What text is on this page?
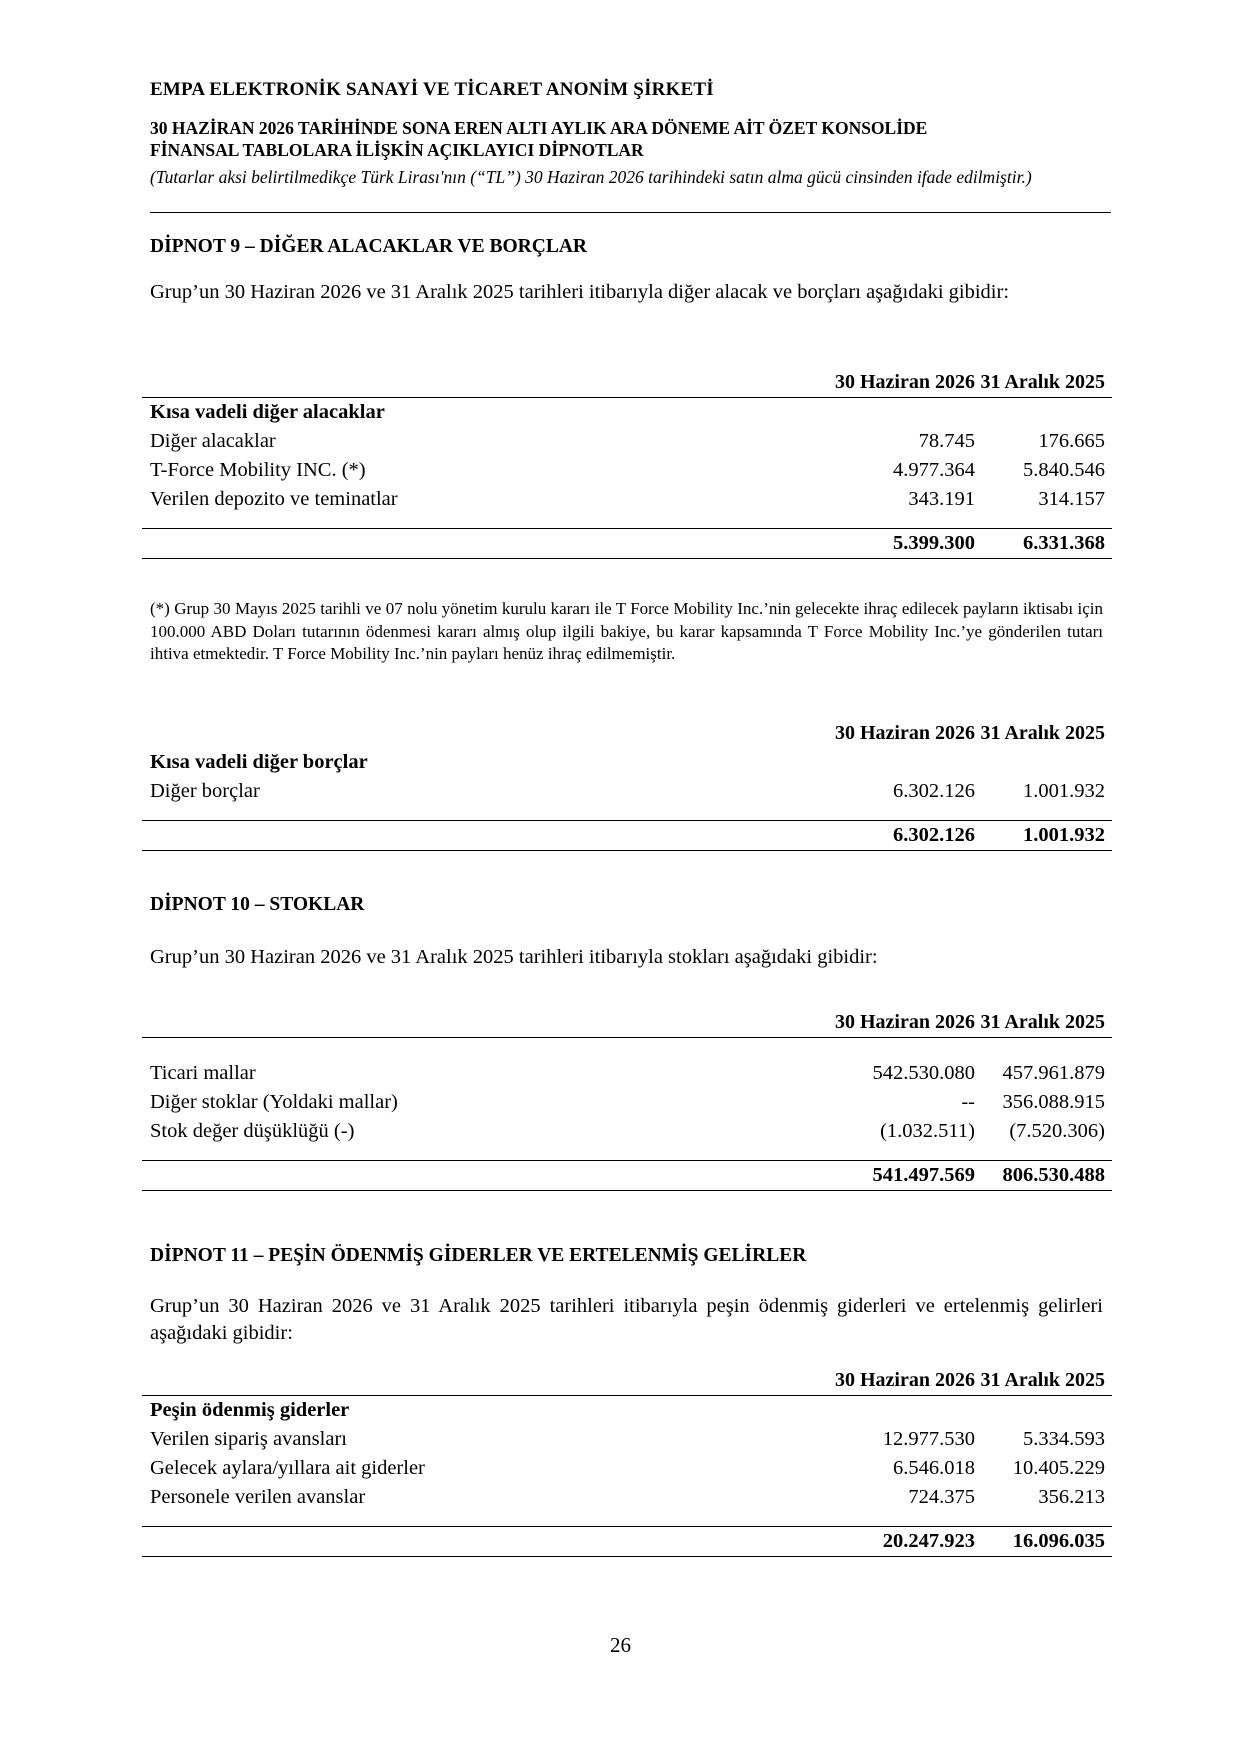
EMPA ELEKTRONİK SANAYİ VE TİCARET ANONİM ŞİRKETİ
30 HAZİRAN 2026 TARİHİNDE SONA EREN ALTI AYLIK ARA DÖNEME AİT ÖZET KONSOLİDE
FİNANSAL TABLOLARA İLİŞKİN AÇIKLAYICI DİPNOTLAR
(Tutarlar aksi belirtilmedikçe Türk Lirası'nın (“TL”) 30 Haziran 2026 tarihindeki satın alma gücü cinsinden ifade edilmiştir.)
DİPNOT 9 – DİĞER ALACAKLAR VE BORÇLAR
Grup’un 30 Haziran 2026 ve 31 Aralık 2025 tarihleri itibarıyla diğer alacak ve borçları aşağıdaki gibidir:
30 Haziran 2026 31 Aralık 2025
Kısa vadeli diğer alacaklar
Diğer alacaklar	78.745	176.665
T-Force Mobility INC. (*)	4.977.364 5.840.546
Verilen depozito ve teminatlar	343.191	314.157
5.399.300 6.331.368
(*) Grup 30 Mayıs 2025 tarihli ve 07 nolu yönetim kurulu kararı ile T Force Mobility Inc.’nin gelecekte ihraç edilecek payların iktisabı için 100.000 ABD Doları tutarının ödenmesi kararı almış olup ilgili bakiye, bu karar kapsamında T Force Mobility Inc.’ye gönderilen tutarı ihtiva etmektedir. T Force Mobility Inc.’nin payları henüz ihraç edilmemiştir.
30 Haziran 2026 31 Aralık 2025
Kısa vadeli diğer borçlar
Diğer borçlar	6.302.126 1.001.932
6.302.126 1.001.932
DİPNOT 10 – STOKLAR
Grup’un 30 Haziran 2026 ve 31 Aralık 2025 tarihleri itibarıyla stokları aşağıdaki gibidir:
30 Haziran 2026 31 Aralık 2025
Ticari mallar	542.530.080 457.961.879
Diğer stoklar (Yoldaki mallar)	-- 356.088.915
Stok değer düşüklüğü (-)	(1.032.511) (7.520.306)
541.497.569 806.530.488
DİPNOT 11 – PEŞİN ÖDENMİŞ GİDERLER VE ERTELENMİŞ GELİRLER
Grup’un 30 Haziran 2026 ve 31 Aralık 2025 tarihleri itibarıyla peşin ödenmiş giderleri ve ertelenmiş gelirleri aşağıdaki gibidir:
30 Haziran 2026 31 Aralık 2025
Peşin ödenmiş giderler
Verilen sipariş avansları	12.977.530 5.334.593
Gelecek aylara/yıllara ait giderler	6.546.018 10.405.229
Personele verilen avanslar	724.375	356.213
20.247.923 16.096.035
26
